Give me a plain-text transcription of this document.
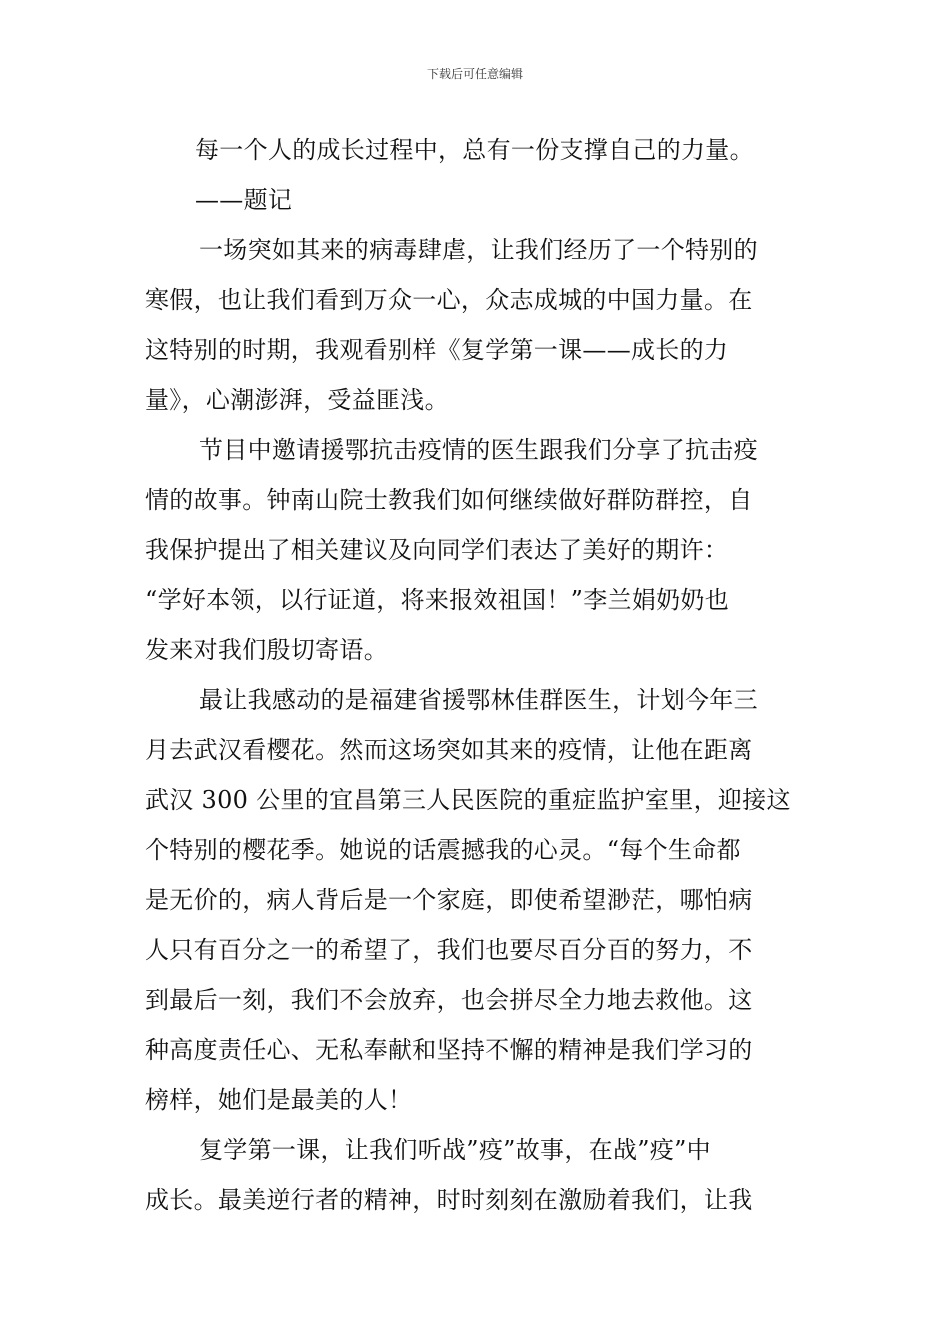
下载后可任意编辑
每一个人的成长过程中，总有一份支撑自己的力量。
——题记
一场突如其来的病毒肆虐，让我们经历了一个特别的
寒假，也让我们看到万众一心，众志成城的中国力量。在
这特别的时期，我观看别样《复学第一课——成长的力
量》，心潮澎湃，受益匪浅。
节目中邀请援鄂抗击疫情的医生跟我们分享了抗击疫
情的故事。钟南山院士教我们如何继续做好群防群控，自
我保护提出了相关建议及向同学们表达了美好的期许：
“学好本领，以行证道，将来报效祖国！”李兰娟奶奶也
发来对我们殷切寄语。
最让我感动的是福建省援鄂林佳群医生，计划今年三
月去武汉看樱花。然而这场突如其来的疫情，让他在距离
武汉 300 公里的宜昌第三人民医院的重症监护室里，迎接这
个特别的樱花季。她说的话震撼我的心灵。“每个生命都
是无价的，病人背后是一个家庭，即使希望渺茫，哪怕病
人只有百分之一的希望了，我们也要尽百分百的努力，不
到最后一刻，我们不会放弃，也会拼尽全力地去救他。这
种高度责任心、无私奉献和坚持不懈的精神是我们学习的
榜样，她们是最美的人！
复学第一课，让我们听战”疫”故事，在战”疫”中
成长。最美逆行者的精神，时时刻刻在激励着我们，让我
